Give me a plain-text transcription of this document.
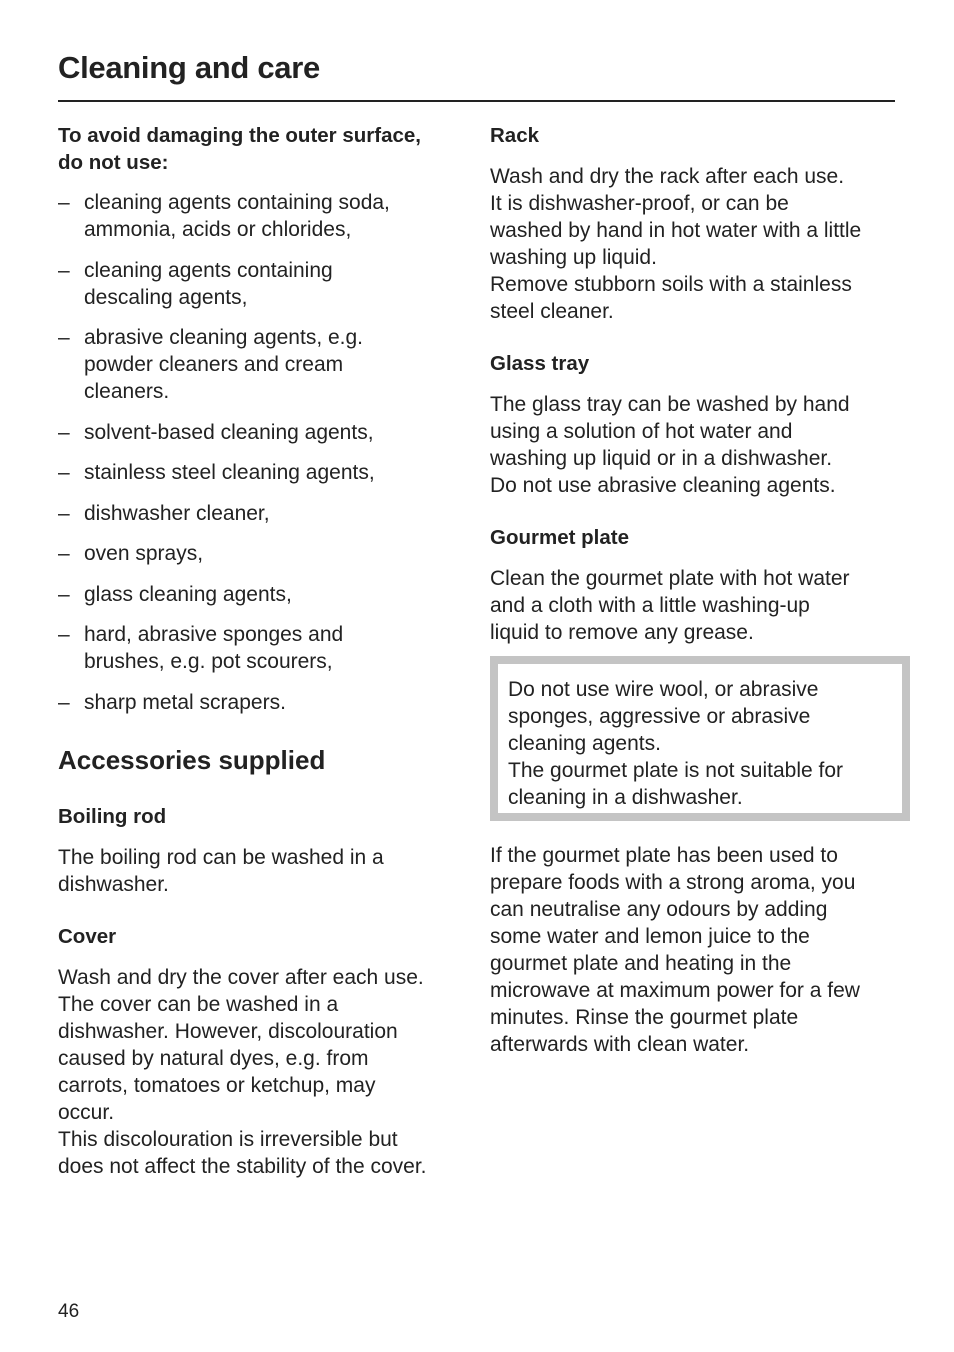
Cleaning and care
To avoid damaging the outer surface,
do not use:
– cleaning agents containing soda,
ammonia, acids or chlorides,
– cleaning agents containing
descaling agents,
– abrasive cleaning agents, e.g.
powder cleaners and cream
cleaners.
– solvent-based cleaning agents,
– stainless steel cleaning agents,
– dishwasher cleaner,
– oven sprays,
– glass cleaning agents,
– hard, abrasive sponges and
brushes, e.g. pot scourers,
– sharp metal scrapers.
Accessories supplied
Boiling rod
The boiling rod can be washed in a
dishwasher.
Cover
Wash and dry the cover after each use.
The cover can be washed in a
dishwasher. However, discolouration
caused by natural dyes, e.g. from
carrots, tomatoes or ketchup, may
occur.
This discolouration is irreversible but
does not affect the stability of the cover.
Rack
Wash and dry the rack after each use.
It is dishwasher-proof, or can be
washed by hand in hot water with a little
washing up liquid.
Remove stubborn soils with a stainless
steel cleaner.
Glass tray
The glass tray can be washed by hand
using a solution of hot water and
washing up liquid or in a dishwasher.
Do not use abrasive cleaning agents.
Gourmet plate
Clean the gourmet plate with hot water
and a cloth with a little washing-up
liquid to remove any grease.
Do not use wire wool, or abrasive
sponges, aggressive or abrasive
cleaning agents.
The gourmet plate is not suitable for
cleaning in a dishwasher.
If the gourmet plate has been used to
prepare foods with a strong aroma, you
can neutralise any odours by adding
some water and lemon juice to the
gourmet plate and heating in the
microwave at maximum power for a few
minutes. Rinse the gourmet plate
afterwards with clean water.
46
